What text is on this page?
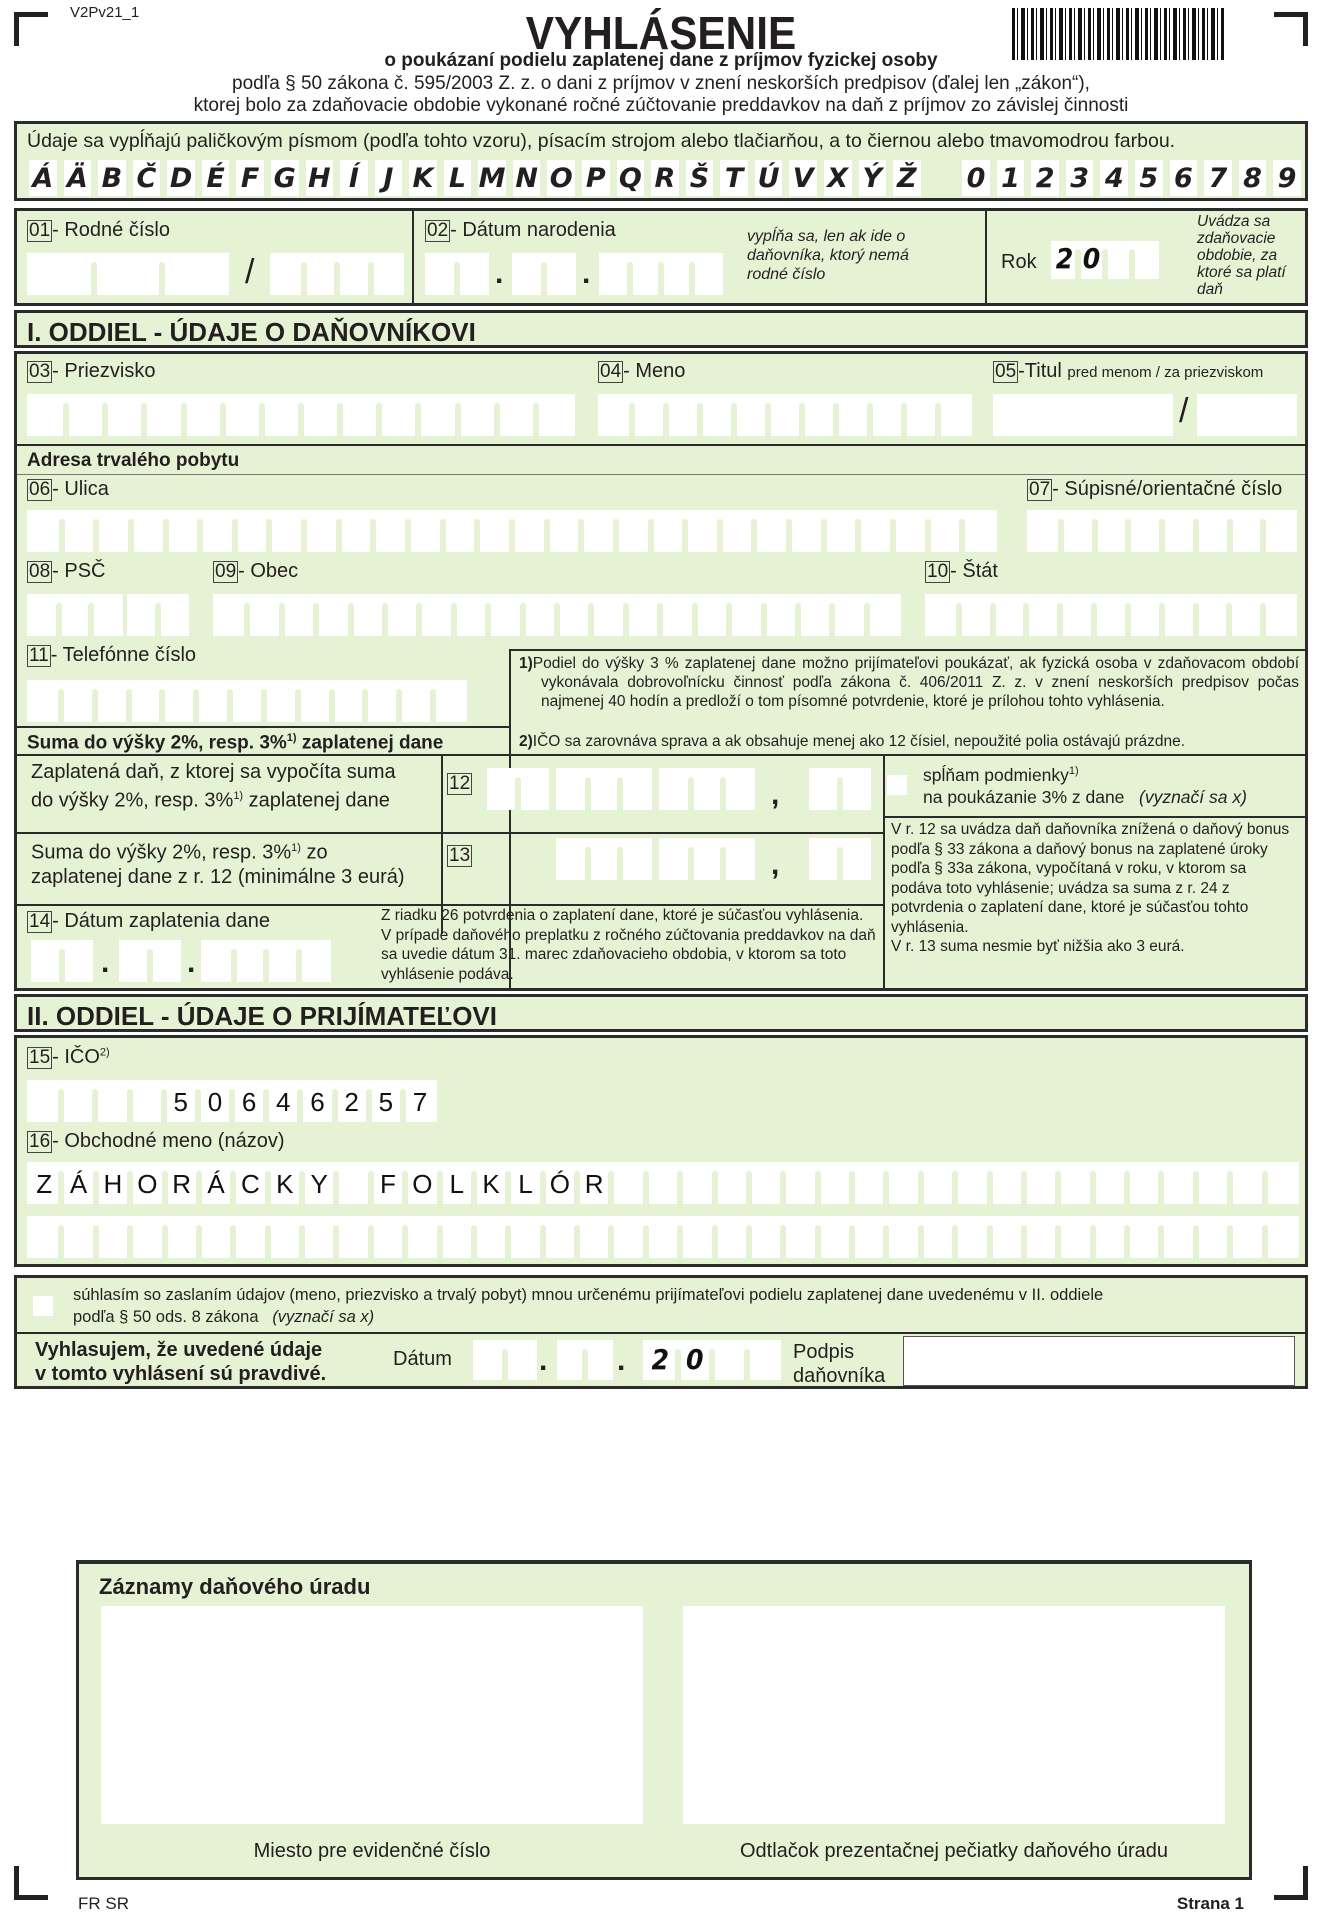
V2Pv21_1	VYHLÁSENIE
o poukázaní podielu zaplatenej dane z príjmov fyzickej osoby
podľa § 50 zákona č. 595/2003 Z. z. o dani z príjmov v znení neskorších predpisov (ďalej len „zákon“),
ktorej bolo za zdaňovacie obdobie vykonané ročné zúčtovanie preddavkov na daň z príjmov zo závislej činnosti
Údaje sa vypĺňajú paličkovým písmom (podľa tohto vzoru), písacím strojom alebo tlačiarňou, a to čiernou alebo tmavomodrou farbou.
Á Ä B Č D É F G H Í J K L M N O P Q R Š T Ú V X Ý Ž 0 1 2 3 4 5 6 7 8 9
01 - Rodné číslo
/
02 - Dátum narodenia
.	.
vypĺňa sa, len ak ide o daňovníka, ktorý nemá rodné číslo
Rok 2 0
Uvádza sa zdaňovacie obdobie, za ktoré sa platí daň
I. ODDIEL - ÚDAJE O DAŇOVNÍKOVI
03 - Priezvisko	04 - Meno	05 -Titul pred menom / za priezviskom
/
Adresa trvalého pobytu
06 - Ulica	07 - Súpisné/orientačné číslo
08 - PSČ	09 - Obec	10 - Štát
11 - Telefónne číslo	1)Podiel do výšky 3 % zaplatenej dane možno prijímateľovi poukázať, ak fyzická osoba v zdaňovacom období vykonávala dobrovoľnícku činnosť podľa zákona č. 406/2011 Z. z. v znení neskorších predpisov počas najmenej 40 hodín a predloží o tom písomné potvrdenie, ktoré je prílohou tohto vyhlásenia.
2)IČO sa zarovnáva sprava a ak obsahuje menej ako 12 čísiel, nepoužité polia ostávajú prázdne.
Suma do výšky 2%, resp. 3%$^{1)}$ zaplatenej dane
Zaplatená daň, z ktorej sa vypočíta suma
do výšky 2%, resp. 3%$^{1)}$ zaplatenej dane
12	,
Suma do výšky 2%, resp. 3%$^{1)}$ zo
zaplatenej dane z r. 12 (minimálne 3 eurá)
13	,
spĺňam podmienky$^{1)}$
na poukázanie 3% z dane (vyznačí sa x)
V r. 12 sa uvádza daň daňovníka znížená o daňový bonus podľa § 33 zákona a daňový bonus na zaplatené úroky podľa § 33a zákona, vypočítaná v roku, v ktorom sa podáva toto vyhlásenie; uvádza sa suma z r. 24 z potvrdenia o zaplatení dane, ktoré je súčasťou tohto vyhlásenia.
V r. 13 suma nesmie byť nižšia ako 3 eurá.
14 - Dátum zaplatenia dane
.	.
Z riadku 26 potvrdenia o zaplatení dane, ktoré je súčasťou vyhlásenia. V prípade daňového preplatku z ročného zúčtovania preddavkov na daň sa uvedie dátum 31. marec zdaňovacieho obdobia, v ktorom sa toto vyhlásenie podáva.
II. ODDIEL - ÚDAJE O PRIJÍMATEĽOVI
15 - IČO$^{2)}$
5 0 6 4 6 2 5 7
16 - Obchodné meno (názov)
Z Á H O R Á C K Y	F O L K L Ó R
súhlasím so zaslaním údajov (meno, priezvisko a trvalý pobyt) mnou určenému prijímateľovi podielu zaplatenej dane uvedenému v II. oddiele
podľa § 50 ods. 8 zákona (vyznačí sa x)
Vyhlasujem, že uvedené údaje
v tomto vyhlásení sú pravdivé.
Dátum	. . 2 0	Podpis
daňovníka
Záznamy daňového úradu
Miesto pre evidenčné číslo	Odtlačok prezentačnej pečiatky daňového úradu
FR SR	Strana 1
